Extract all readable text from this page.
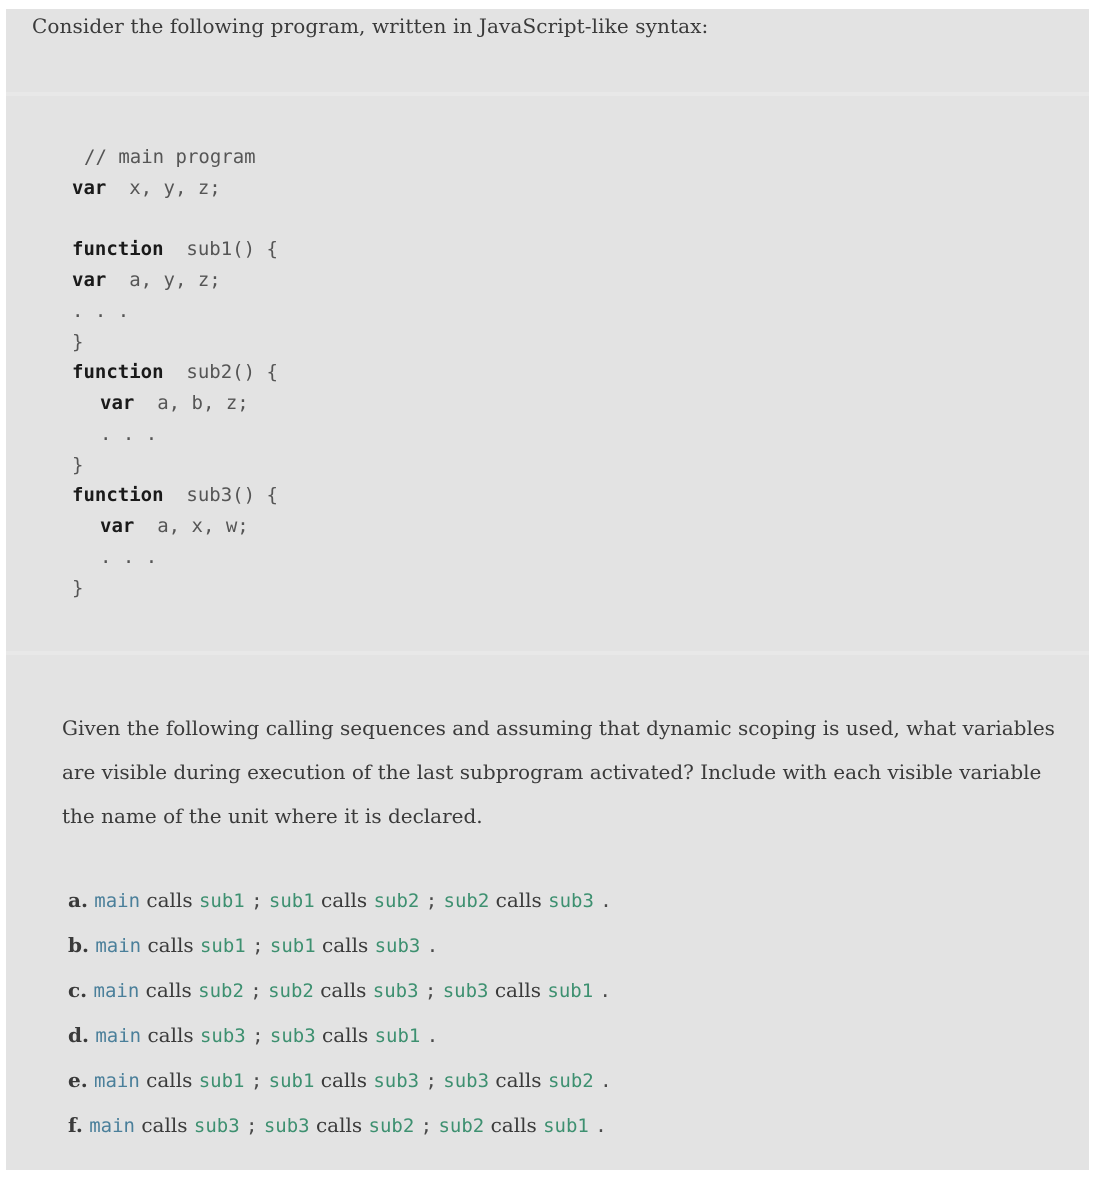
Consider the following program, written in JavaScript-like syntax:
// main program
var x, y, z;
function sub1() {
var a, y, z;
. . .
}
function sub2() {
var a, b, z;
. . .
}
function sub3() {
var a, x, w;
. . .
}
Given the following calling sequences and assuming that dynamic scoping is used, what variables are visible during execution of the last subprogram activated? Include with each visible variable the name of the unit where it is declared.
a. main calls sub1 ; sub1 calls sub2 ; sub2 calls sub3 .
b. main calls sub1 ; sub1 calls sub3 .
c. main calls sub2 ; sub2 calls sub3 ; sub3 calls sub1 .
d. main calls sub3 ; sub3 calls sub1 .
e. main calls sub1 ; sub1 calls sub3 ; sub3 calls sub2 .
f. main calls sub3 ; sub3 calls sub2 ; sub2 calls sub1 .
